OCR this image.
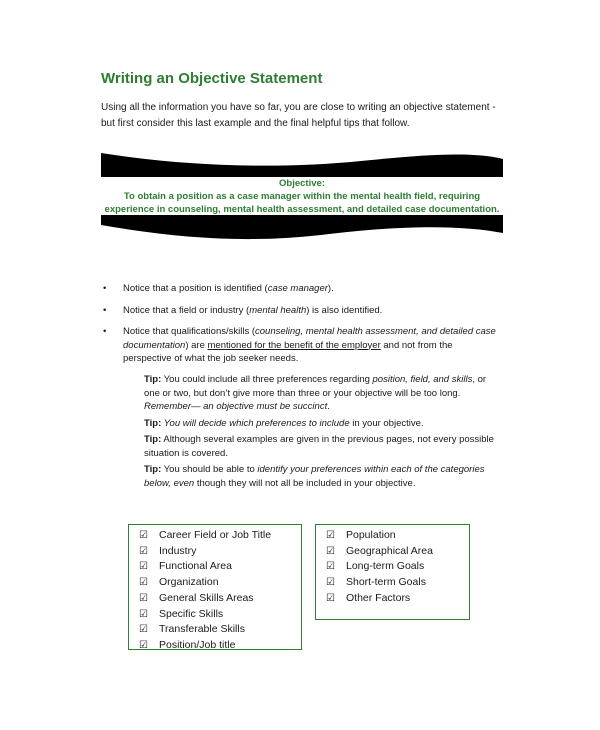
Writing an Objective Statement
Using all the information you have so far, you are close to writing an objective statement - but first consider this last example and the final helpful tips that follow.
Objective:
To obtain a position as a case manager within the mental health field, requiring
experience in counseling, mental health assessment, and detailed case documentation.
• Notice that a position is identified (case manager).
• Notice that a field or industry (mental health) is also identified.
• Notice that qualifications/skills (counseling, mental health assessment, and detailed case documentation) are mentioned for the benefit of the employer and not from the perspective of what the job seeker needs.
Tip: You could include all three preferences regarding position, field, and skills, or one or two, but don’t give more than three or your objective will be too long. Remember— an objective must be succinct.
Tip: You will decide which preferences to include in your objective.
Tip: Although several examples are given in the previous pages, not every possible situation is covered.
Tip: You should be able to identify your preferences within each of the categories below, even though they will not all be included in your objective.
☑ Career Field or Job Title
☑ Industry
☑ Functional Area
☑ Organization
☑ General Skills Areas
☑ Specific Skills
☑ Transferable Skills
☑ Position/Job title
☑ Population
☑ Geographical Area
☑ Long-term Goals
☑ Short-term Goals
☑ Other Factors
